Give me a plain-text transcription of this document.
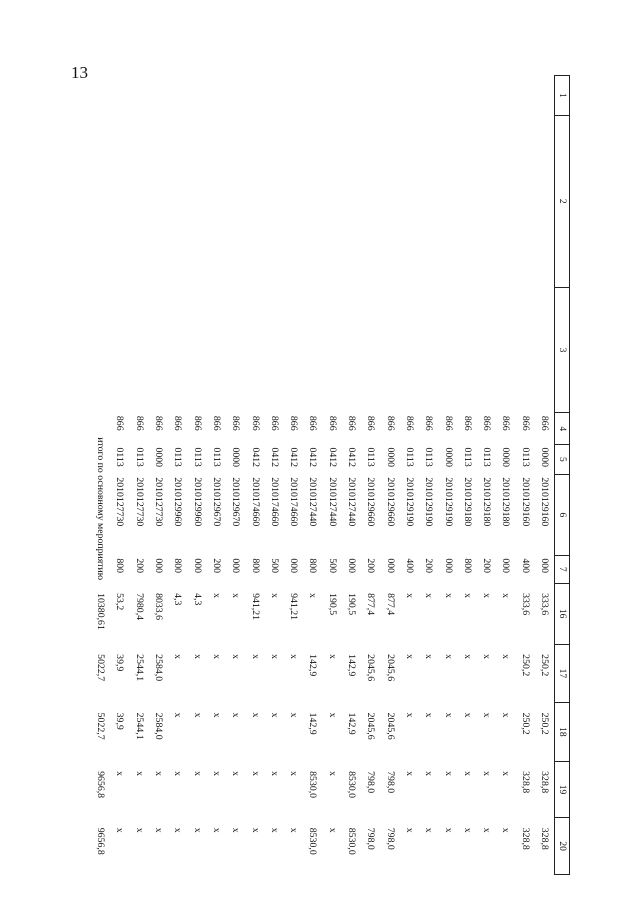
13
1	2	3	4	5	6	7	16	17	18	19	20
			866	0000	2010129160	000	333,6	250,2	250,2	328,8	328,8
			866	0113	2010129160	400	333,6	250,2	250,2	328,8	328,8
			866	0000	2010129180	000	x	x	x	x	x
			866	0113	2010129180	200	x	x	x	x	x
			866	0113	2010129180	800	x	x	x	x	x
			866	0000	2010129190	000	x	x	x	x	x
			866	0113	2010129190	200	x	x	x	x	x
			866	0113	2010129190	400	x	x	x	x	x
			866	0000	2010129660	000	877,4	2045,6	2045,6	798,0	798,0
			866	0113	2010129660	200	877,4	2045,6	2045,6	798,0	798,0
			866	0412	2010127440	000	190,5	142,9	142,9	8530,0	8530,0
			866	0412	2010127440	500	190,5	x	x	x	x
			866	0412	2010127440	800	x	142,9	142,9	8530,0	8530,0
			866	0412	2010174660	000	941,21	x	x	x	x
			866	0412	2010174660	500	x	x	x	x	x
			866	0412	2010174660	800	941,21	x	x	x	x
			866	0000	2010129670	000	x	x	x	x	x
			866	0113	2010129670	200	x	x	x	x	x
			866	0113	2010129960	000	4,3	x	x	x	x
			866	0113	2010129960	800	4,3	x	x	x	x
			866	0000	2010127730	000	8033,6	2584,0	2584,0	x	x
			866	0113	2010127730	200	7980,4	2544,1	2544,1	x	x
			866	0113	2010127730	800	53,2	39,9	39,9	x	x
			итого по основному мероприятию				10380,61	5022,7	5022,7	9656,8	9656,8
